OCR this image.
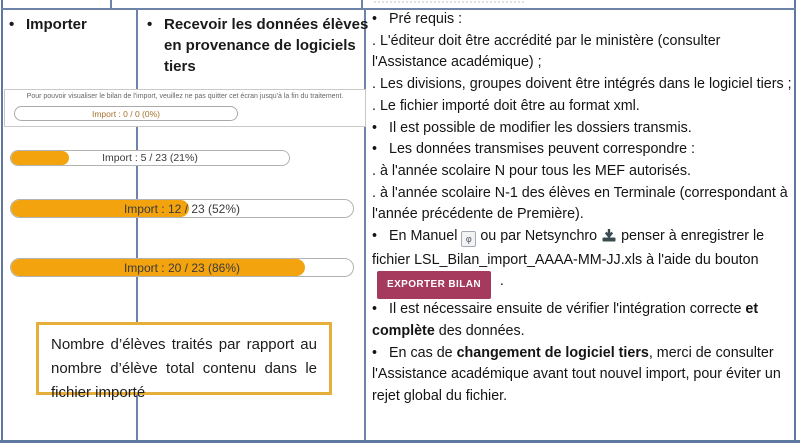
• Importer	• Recevoir les données élèves en provenance de logiciels tiers
Pour pouvoir visualiser le bilan de l'import, veuillez ne pas quitter cet écran jusqu'à la fin du traitement.
Import : 0 / 0 (0%)
Import : 5 / 23 (21%)
Import : 12 / 23 (52%)
Import : 20 / 23 (86%)
Nombre d’élèves traités par rapport au nombre d’élève total contenu dans le fichier importé
• Pré requis :
. L'éditeur doit être accrédité par le ministère (consulter l'Assistance académique) ;
. Les divisions, groupes doivent être intégrés dans le logiciel tiers ;
. Le fichier importé doit être au format xml.
• Il est possible de modifier les dossiers transmis.
• Les données transmises peuvent correspondre :
. à l'année scolaire N pour tous les MEF autorisés.
. à l'année scolaire N-1 des élèves en Terminale (correspondant à l'année précédente de Première).
• En Manuel φ ou par Netsynchro  penser à enregistrer le fichier LSL_Bilan_import_AAAA-MM-JJ.xls à l'aide du bouton EXPORTER BILAN .
• Il est nécessaire ensuite de vérifier l'intégration correcte et complète des données.
• En cas de changement de logiciel tiers, merci de consulter l'Assistance académique avant tout nouvel import, pour éviter un rejet global du fichier.
